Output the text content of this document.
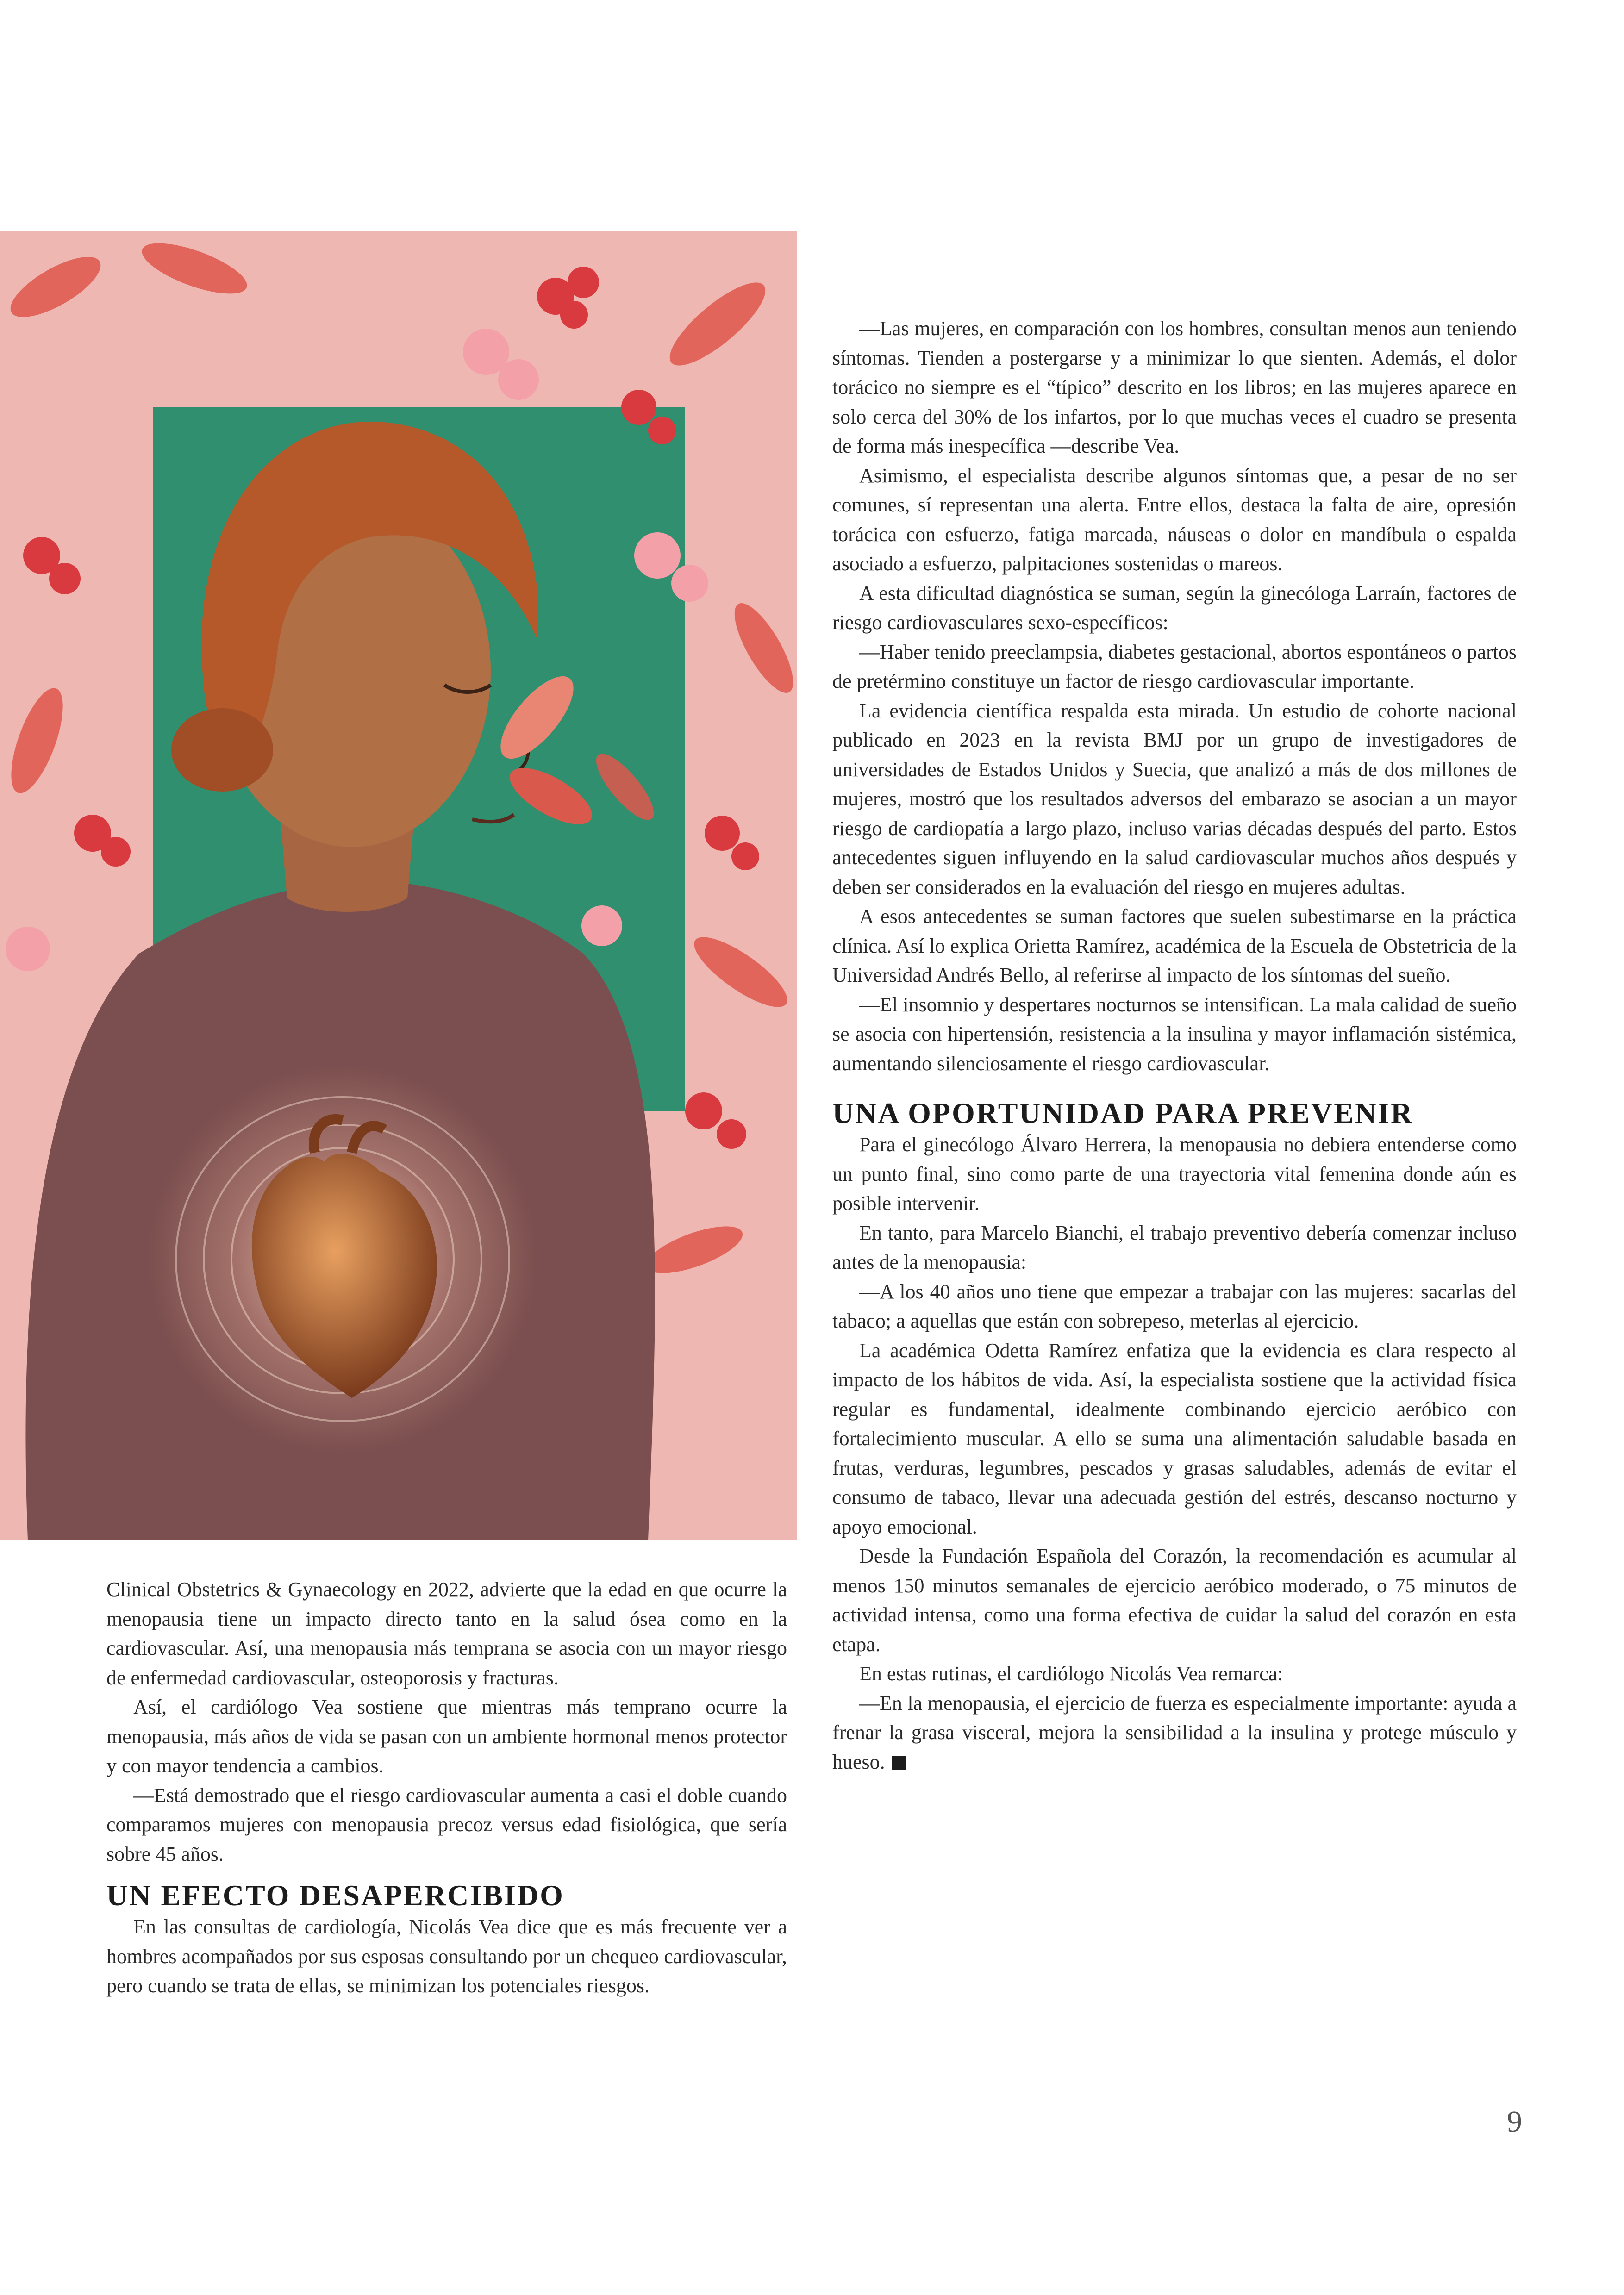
Clinical Obstetrics & Gynaecology en 2022, advierte que la edad en que ocurre la menopausia tiene un impacto directo tanto en la salud ósea como en la cardiovascular. Así, una menopausia más temprana se asocia con un mayor riesgo de enfermedad cardiovascular, osteoporosis y fracturas.

Así, el cardiólogo Vea sostiene que mientras más temprano ocurre la menopausia, más años de vida se pasan con un ambiente hormonal menos protector y con mayor tendencia a cambios.

—Está demostrado que el riesgo cardiovascular aumenta a casi el doble cuando comparamos mujeres con menopausia precoz versus edad fisiológica, que sería sobre 45 años.

UN EFECTO DESAPERCIBIDO

En las consultas de cardiología, Nicolás Vea dice que es más frecuente ver a hombres acompañados por sus esposas consultando por un chequeo cardiovascular, pero cuando se trata de ellas, se minimizan los potenciales riesgos.

—Las mujeres, en comparación con los hombres, consultan menos aun teniendo síntomas. Tienden a postergarse y a minimizar lo que sienten. Además, el dolor torácico no siempre es el “típico” descrito en los libros; en las mujeres aparece en solo cerca del 30% de los infartos, por lo que muchas veces el cuadro se presenta de forma más inespecífica —describe Vea.

Asimismo, el especialista describe algunos síntomas que, a pesar de no ser comunes, sí representan una alerta. Entre ellos, destaca la falta de aire, opresión torácica con esfuerzo, fatiga marcada, náuseas o dolor en mandíbula o espalda asociado a esfuerzo, palpitaciones sostenidas o mareos.

A esta dificultad diagnóstica se suman, según la ginecóloga Larraín, factores de riesgo cardiovasculares sexo-específicos:

—Haber tenido preeclampsia, diabetes gestacional, abortos espontáneos o partos de pretérmino constituye un factor de riesgo cardiovascular importante.

La evidencia científica respalda esta mirada. Un estudio de cohorte nacional publicado en 2023 en la revista BMJ por un grupo de investigadores de universidades de Estados Unidos y Suecia, que analizó a más de dos millones de mujeres, mostró que los resultados adversos del embarazo se asocian a un mayor riesgo de cardiopatía a largo plazo, incluso varias décadas después del parto. Estos antecedentes siguen influyendo en la salud cardiovascular muchos años después y deben ser considerados en la evaluación del riesgo en mujeres adultas.

A esos antecedentes se suman factores que suelen subestimarse en la práctica clínica. Así lo explica Orietta Ramírez, académica de la Escuela de Obstetricia de la Universidad Andrés Bello, al referirse al impacto de los síntomas del sueño.

—El insomnio y despertares nocturnos se intensifican. La mala calidad de sueño se asocia con hipertensión, resistencia a la insulina y mayor inflamación sistémica, aumentando silenciosamente el riesgo cardiovascular.

UNA OPORTUNIDAD PARA PREVENIR

Para el ginecólogo Álvaro Herrera, la menopausia no debiera entenderse como un punto final, sino como parte de una trayectoria vital femenina donde aún es posible intervenir.

En tanto, para Marcelo Bianchi, el trabajo preventivo debería comenzar incluso antes de la menopausia:

—A los 40 años uno tiene que empezar a trabajar con las mujeres: sacarlas del tabaco; a aquellas que están con sobrepeso, meterlas al ejercicio.

La académica Odetta Ramírez enfatiza que la evidencia es clara respecto al impacto de los hábitos de vida. Así, la especialista sostiene que la actividad física regular es fundamental, idealmente combinando ejercicio aeróbico con fortalecimiento muscular. A ello se suma una alimentación saludable basada en frutas, verduras, legumbres, pescados y grasas saludables, además de evitar el consumo de tabaco, llevar una adecuada gestión del estrés, descanso nocturno y apoyo emocional.

Desde la Fundación Española del Corazón, la recomendación es acumular al menos 150 minutos semanales de ejercicio aeróbico moderado, o 75 minutos de actividad intensa, como una forma efectiva de cuidar la salud del corazón en esta etapa.

En estas rutinas, el cardiólogo Nicolás Vea remarca:

—En la menopausia, el ejercicio de fuerza es especialmente importante: ayuda a frenar la grasa visceral, mejora la sensibilidad a la insulina y protege músculo y hueso.

9
